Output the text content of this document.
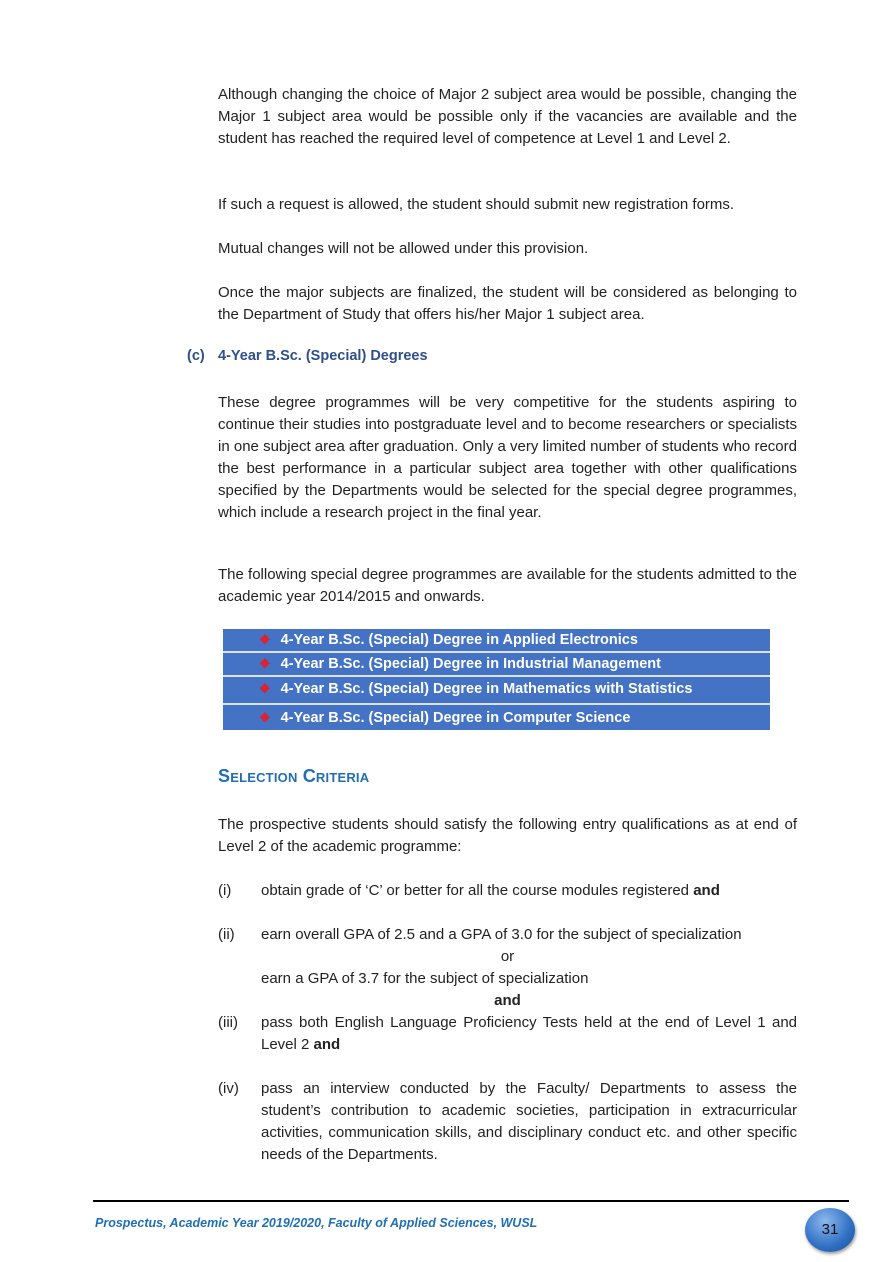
Although changing the choice of Major 2 subject area would be possible, changing the Major 1 subject area would be possible only if the vacancies are available and the student has reached the required level of competence at Level 1 and Level 2.
If such a request is allowed, the student should submit new registration forms.
Mutual changes will not be allowed under this provision.
Once the major subjects are finalized, the student will be considered as belonging to the Department of Study that offers his/her Major 1 subject area.
(c) 4-Year B.Sc. (Special) Degrees
These degree programmes will be very competitive for the students aspiring to continue their studies into postgraduate level and to become researchers or specialists in one subject area after graduation. Only a very limited number of students who record the best performance in a particular subject area together with other qualifications specified by the Departments would be selected for the special degree programmes, which include a research project in the final year.
The following special degree programmes are available for the students admitted to the academic year 2014/2015 and onwards.
❖ 4-Year B.Sc. (Special) Degree in Applied Electronics
❖ 4-Year B.Sc. (Special) Degree in Industrial Management
❖ 4-Year B.Sc. (Special) Degree in Mathematics with Statistics
❖ 4-Year B.Sc. (Special) Degree in Computer Science
Selection Criteria
The prospective students should satisfy the following entry qualifications as at end of Level 2 of the academic programme:
(i) obtain grade of ‘C’ or better for all the course modules registered and
(ii) earn overall GPA of 2.5 and a GPA of 3.0 for the subject of specialization
or
earn a GPA of 3.7 for the subject of specialization
and
(iii) pass both English Language Proficiency Tests held at the end of Level 1 and Level 2 and
(iv) pass an interview conducted by the Faculty/ Departments to assess the student’s contribution to academic societies, participation in extracurricular activities, communication skills, and disciplinary conduct etc. and other specific needs of the Departments.
Prospectus, Academic Year 2019/2020, Faculty of Applied Sciences, WUSL	31
